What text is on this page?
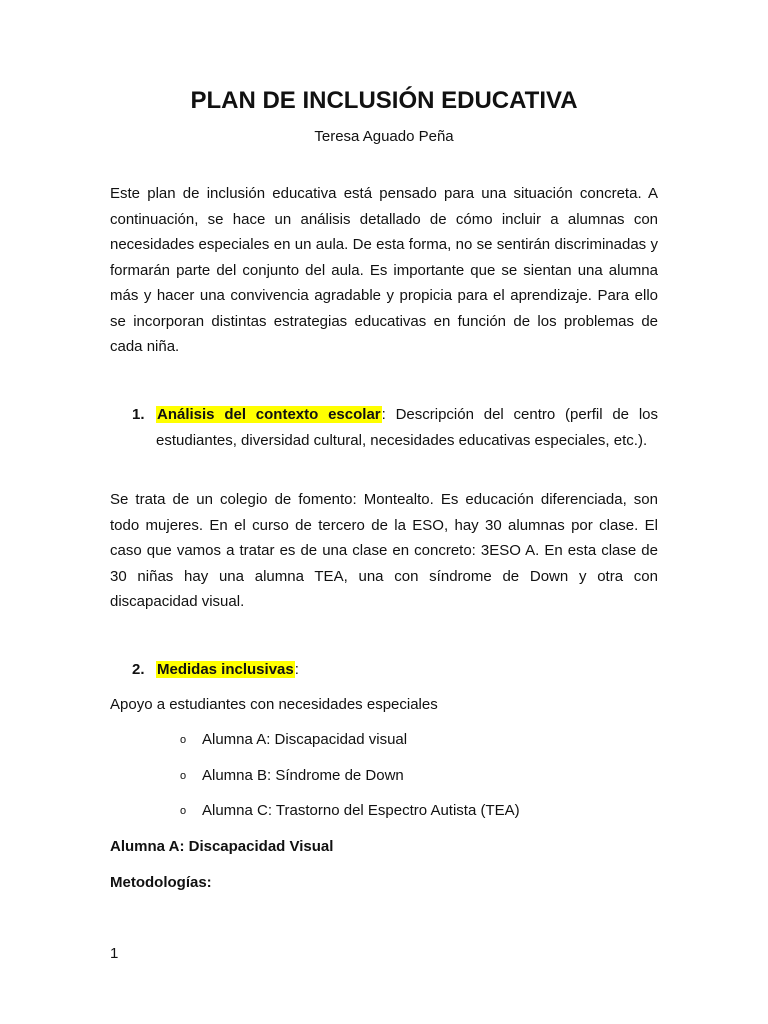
PLAN DE INCLUSIÓN EDUCATIVA
Teresa Aguado Peña

Este plan de inclusión educativa está pensado para una situación concreta. A continuación, se hace un análisis detallado de cómo incluir a alumnas con necesidades especiales en un aula. De esta forma, no se sentirán discriminadas y formarán parte del conjunto del aula. Es importante que se sientan una alumna más y hacer una convivencia agradable y propicia para el aprendizaje. Para ello se incorporan distintas estrategias educativas en función de los problemas de cada niña.

1. Análisis del contexto escolar: Descripción del centro (perfil de los estudiantes, diversidad cultural, necesidades educativas especiales, etc.).

Se trata de un colegio de fomento: Montealto. Es educación diferenciada, son todo mujeres. En el curso de tercero de la ESO, hay 30 alumnas por clase. El caso que vamos a tratar es de una clase en concreto: 3ESO A. En esta clase de 30 niñas hay una alumna TEA, una con síndrome de Down y otra con discapacidad visual.

2. Medidas inclusivas:
Apoyo a estudiantes con necesidades especiales
o Alumna A: Discapacidad visual
o Alumna B: Síndrome de Down
o Alumna C: Trastorno del Espectro Autista (TEA)
Alumna A: Discapacidad Visual
Metodologías:
1
